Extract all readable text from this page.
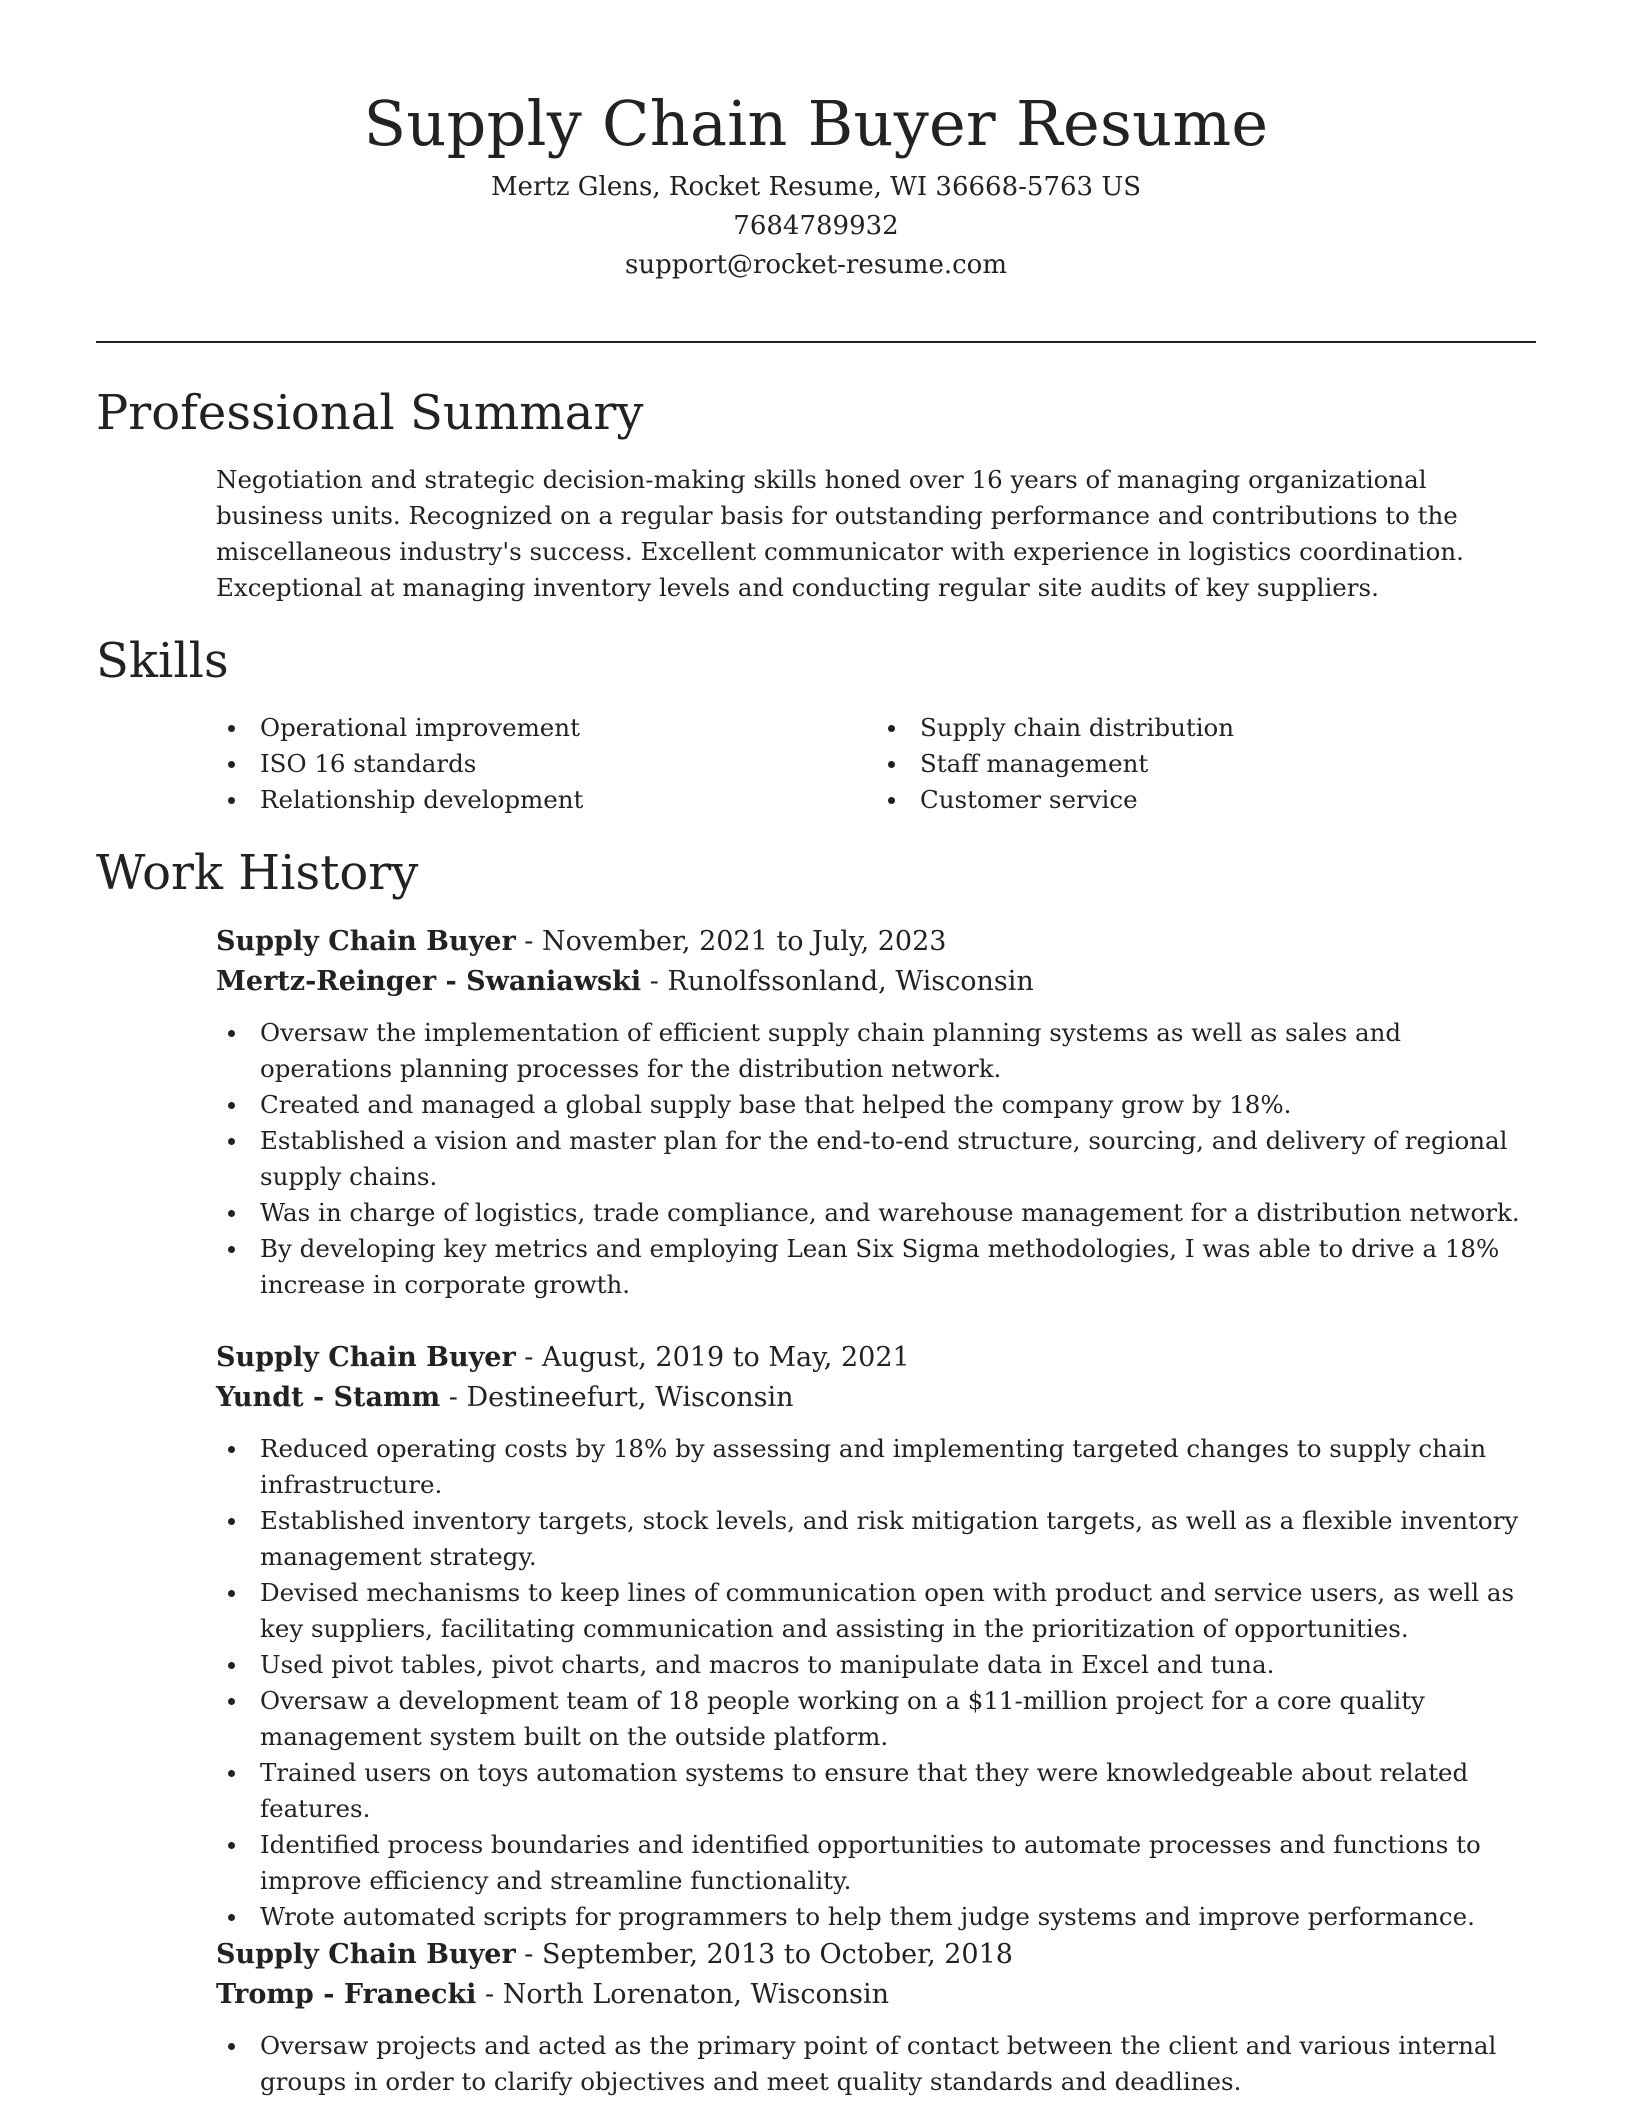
Supply Chain Buyer Resume

Mertz Glens, Rocket Resume, WI 36668-5763 US

7684789932

support@rocket-resume.com

Professional Summary

Negotiation and strategic decision-making skills honed over 16 years of managing organizational business units. Recognized on a regular basis for outstanding performance and contributions to the miscellaneous industry's success. Excellent communicator with experience in logistics coordination. Exceptional at managing inventory levels and conducting regular site audits of key suppliers.

Skills
Operational improvement
ISO 16 standards
Relationship development
Supply chain distribution
Staff management
Customer service
Work History

Supply Chain Buyer - November, 2021 to July, 2023

Mertz-Reinger - Swaniawski - Runolfssonland, Wisconsin

Oversaw the implementation of efficient supply chain planning systems as well as sales and operations planning processes for the distribution network.
Created and managed a global supply base that helped the company grow by 18%.
Established a vision and master plan for the end-to-end structure, sourcing, and delivery of regional supply chains.
Was in charge of logistics, trade compliance, and warehouse management for a distribution network.
By developing key metrics and employing Lean Six Sigma methodologies, I was able to drive a 18% increase in corporate growth.

Supply Chain Buyer - August, 2019 to May, 2021

Yundt - Stamm - Destineefurt, Wisconsin

Reduced operating costs by 18% by assessing and implementing targeted changes to supply chain infrastructure.
Established inventory targets, stock levels, and risk mitigation targets, as well as a flexible inventory management strategy.
Devised mechanisms to keep lines of communication open with product and service users, as well as key suppliers, facilitating communication and assisting in the prioritization of opportunities.
Used pivot tables, pivot charts, and macros to manipulate data in Excel and tuna.
Oversaw a development team of 18 people working on a $11-million project for a core quality management system built on the outside platform.
Trained users on toys automation systems to ensure that they were knowledgeable about related features.
Identified process boundaries and identified opportunities to automate processes and functions to improve efficiency and streamline functionality.
Wrote automated scripts for programmers to help them judge systems and improve performance.

Supply Chain Buyer - September, 2013 to October, 2018

Tromp - Franecki - North Lorenaton, Wisconsin

Oversaw projects and acted as the primary point of contact between the client and various internal groups in order to clarify objectives and meet quality standards and deadlines.
